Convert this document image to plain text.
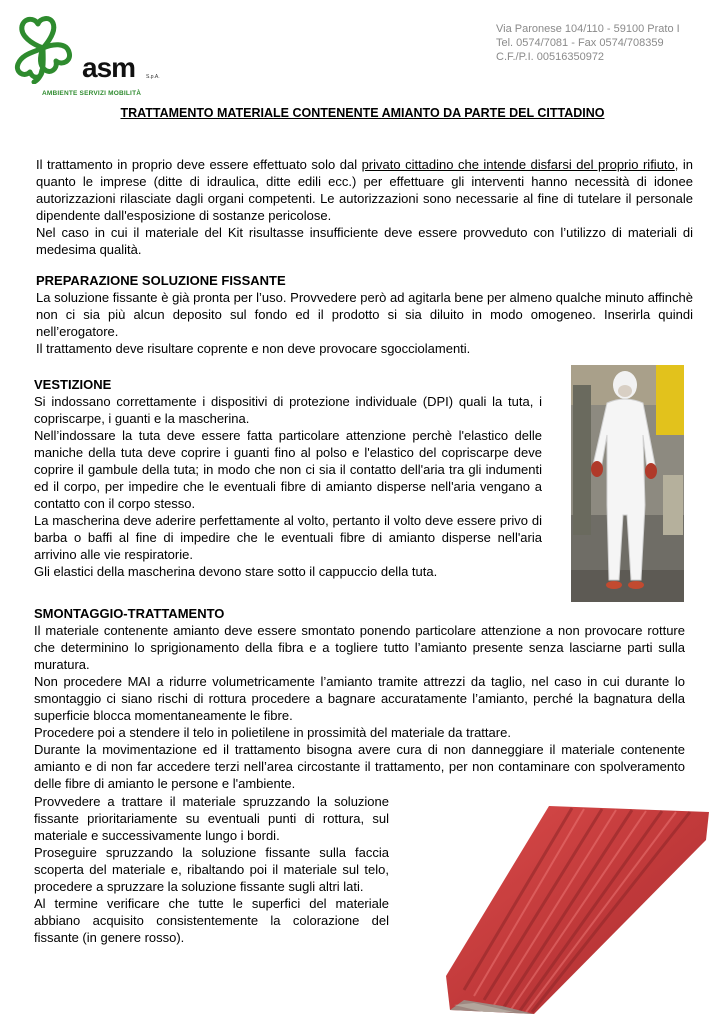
asm S.p.A.
AMBIENTE SERVIZI MOBILITÀ
Via Paronese 104/110 - 59100 Prato I
Tel. 0574/7081 - Fax 0574/708359
C.F./P.I. 00516350972
TRATTAMENTO MATERIALE CONTENENTE AMIANTO DA PARTE DEL CITTADINO

Il trattamento in proprio deve essere effettuato solo dal privato cittadino che intende disfarsi del proprio rifiuto, in quanto le imprese (ditte di idraulica, ditte edili ecc.) per effettuare gli interventi hanno necessità di idonee autorizzazioni rilasciate dagli organi competenti. Le autorizzazioni sono necessarie al fine di tutelare il personale dipendente dall'esposizione di sostanze pericolose.

Nel caso in cui il materiale del Kit risultasse insufficiente deve essere provveduto con l’utilizzo di materiali di medesima qualità.

PREPARAZIONE SOLUZIONE FISSANTE

La soluzione fissante è già pronta per l’uso. Provvedere però ad agitarla bene per almeno qualche minuto affinchè non ci sia più alcun deposito sul fondo ed il prodotto si sia diluito in modo omogeneo. Inserirla quindi nell’erogatore.

Il trattamento deve risultare coprente e non deve provocare sgocciolamenti.

VESTIZIONE

Si indossano correttamente i dispositivi di protezione individuale (DPI) quali la tuta, i copriscarpe, i guanti e la mascherina.

Nell’indossare la tuta deve essere fatta particolare attenzione perchè l'elastico delle maniche della tuta deve coprire i guanti fino al polso e l'elastico del copriscarpe deve coprire il gambule della tuta; in modo che non ci sia il contatto dell'aria tra gli indumenti ed il corpo, per impedire che le eventuali fibre di amianto disperse nell'aria vengano a contatto con il corpo stesso.

La mascherina deve aderire perfettamente al volto, pertanto il volto deve essere privo di barba o baffi al fine di impedire che le eventuali fibre di amianto disperse nell'aria arrivino alle vie respiratorie.

Gli elastici della mascherina devono stare sotto il cappuccio della tuta.

SMONTAGGIO-TRATTAMENTO

Il materiale contenente amianto deve essere smontato ponendo particolare attenzione a non provocare rotture che determinino lo sprigionamento della fibra e a togliere tutto l’amianto presente senza lasciarne parti sulla muratura.

Non procedere MAI a ridurre volumetricamente l’amianto tramite attrezzi da taglio, nel caso in cui durante lo smontaggio ci siano rischi di rottura procedere a bagnare accuratamente l’amianto, perché la bagnatura della superficie blocca momentaneamente le fibre.

Procedere poi a stendere il telo in polietilene in prossimità del materiale da trattare.

Durante la movimentazione ed il trattamento bisogna avere cura di non danneggiare il materiale contenente amianto e di non far accedere terzi nell’area circostante il trattamento, per non contaminare con spolveramento delle fibre di amianto le persone e l'ambiente.

Provvedere a trattare il materiale spruzzando la soluzione fissante prioritariamente su eventuali punti di rottura, sul materiale e successivamente lungo i bordi.

Proseguire spruzzando la soluzione fissante sulla faccia scoperta del materiale e, ribaltando poi il materiale sul telo, procedere a spruzzare la soluzione fissante sugli altri lati.

Al termine verificare che tutte le superfici del materiale abbiano acquisito consistentemente la colorazione del fissante (in genere rosso).
